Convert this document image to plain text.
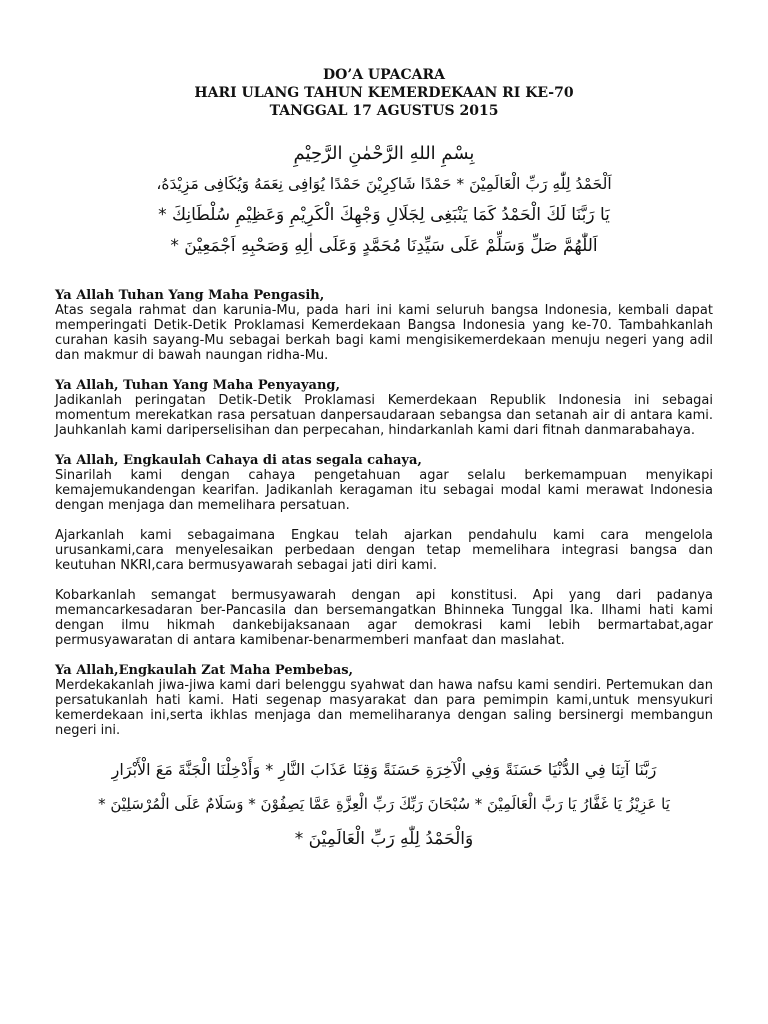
DO’A UPACARA
HARI ULANG TAHUN KEMERDEKAAN RI KE-70
TANGGAL 17 AGUSTUS 2015
بِسْمِ اللهِ الرَّحْمٰنِ الرَّحِيْمِ
اَلْحَمْدُ لِلّٰهِ رَبِّ الْعَالَمِيْنَ * حَمْدًا شَاكِرِيْنَ حَمْدًا يُوَافِى نِعَمَهُ وَيُكَافِى مَزِيْدَهُ،
يَا رَبَّنَا لَكَ الْحَمْدُ كَمَا يَنْبَغِى لِجَلَالِ وَجْهِكَ الْكَرِيْمِ وَعَظِيْمِ سُلْطَانِكَ *
اَللّٰهُمَّ صَلِّ وَسَلِّمْ عَلَى سَيِّدِنَا مُحَمَّدٍ وَعَلَى اٰلِهِ وَصَحْبِهِ اَجْمَعِيْنَ *
Ya Allah Tuhan Yang Maha Pengasih,
Atas segala rahmat dan karunia-Mu, pada hari ini kami seluruh bangsa Indonesia, kembali dapat memperingati Detik-Detik Proklamasi Kemerdekaan Bangsa Indonesia yang ke-70. Tambahkanlah curahan kasih sayang-Mu sebagai berkah bagi kami mengisikemerdekaan menuju negeri yang adil dan makmur di bawah naungan ridha-Mu.
Ya Allah, Tuhan Yang Maha Penyayang,
Jadikanlah peringatan Detik-Detik Proklamasi Kemerdekaan Republik Indonesia ini sebagai momentum merekatkan rasa persatuan danpersaudaraan sebangsa dan setanah air di antara kami. Jauhkanlah kami dariperselisihan dan perpecahan, hindarkanlah kami dari fitnah danmarabahaya.
Ya Allah, Engkaulah Cahaya di atas segala cahaya,
Sinarilah kami dengan cahaya pengetahuan agar selalu berkemampuan menyikapi kemajemukandengan kearifan. Jadikanlah keragaman itu sebagai modal kami merawat Indonesia dengan menjaga dan memelihara persatuan.
Ajarkanlah kami sebagaimana Engkau telah ajarkan pendahulu kami cara mengelola urusankami,cara menyelesaikan perbedaan dengan tetap memelihara integrasi bangsa dan keutuhan NKRI,cara bermusyawarah sebagai jati diri kami.
Kobarkanlah semangat bermusyawarah dengan api konstitusi. Api yang dari padanya memancarkesadaran ber-Pancasila dan bersemangatkan Bhinneka Tunggal Ika. Ilhami hati kami dengan ilmu hikmah dankebijaksanaan agar demokrasi kami lebih bermartabat,agar permusyawaratan di antara kamibenar-benarmemberi manfaat dan maslahat.
Ya Allah,Engkaulah Zat Maha Pembebas,
Merdekakanlah jiwa-jiwa kami dari belenggu syahwat dan hawa nafsu kami sendiri. Pertemukan dan persatukanlah hati kami. Hati segenap masyarakat dan para pemimpin kami,untuk mensyukuri kemerdekaan ini,serta ikhlas menjaga dan memeliharanya dengan saling bersinergi membangun negeri ini.
رَبَّنَا آتِنَا فِي الدُّنْيَا حَسَنَةً وَفِي الْآخِرَةِ حَسَنَةً وَقِنَا عَذَابَ النَّارِ * وَأَدْخِلْنَا الْجَنَّةَ مَعَ الْأَبْرَارِ
يَا عَزِيْزُ يَا غَفَّارُ يَا رَبَّ الْعَالَمِيْنَ * سُبْحَانَ رَبِّكَ رَبِّ الْعِزَّةِ عَمَّا يَصِفُوْنَ * وَسَلَامٌ عَلَى الْمُرْسَلِيْنَ *
وَالْحَمْدُ لِلّٰهِ رَبِّ الْعَالَمِيْنَ *
